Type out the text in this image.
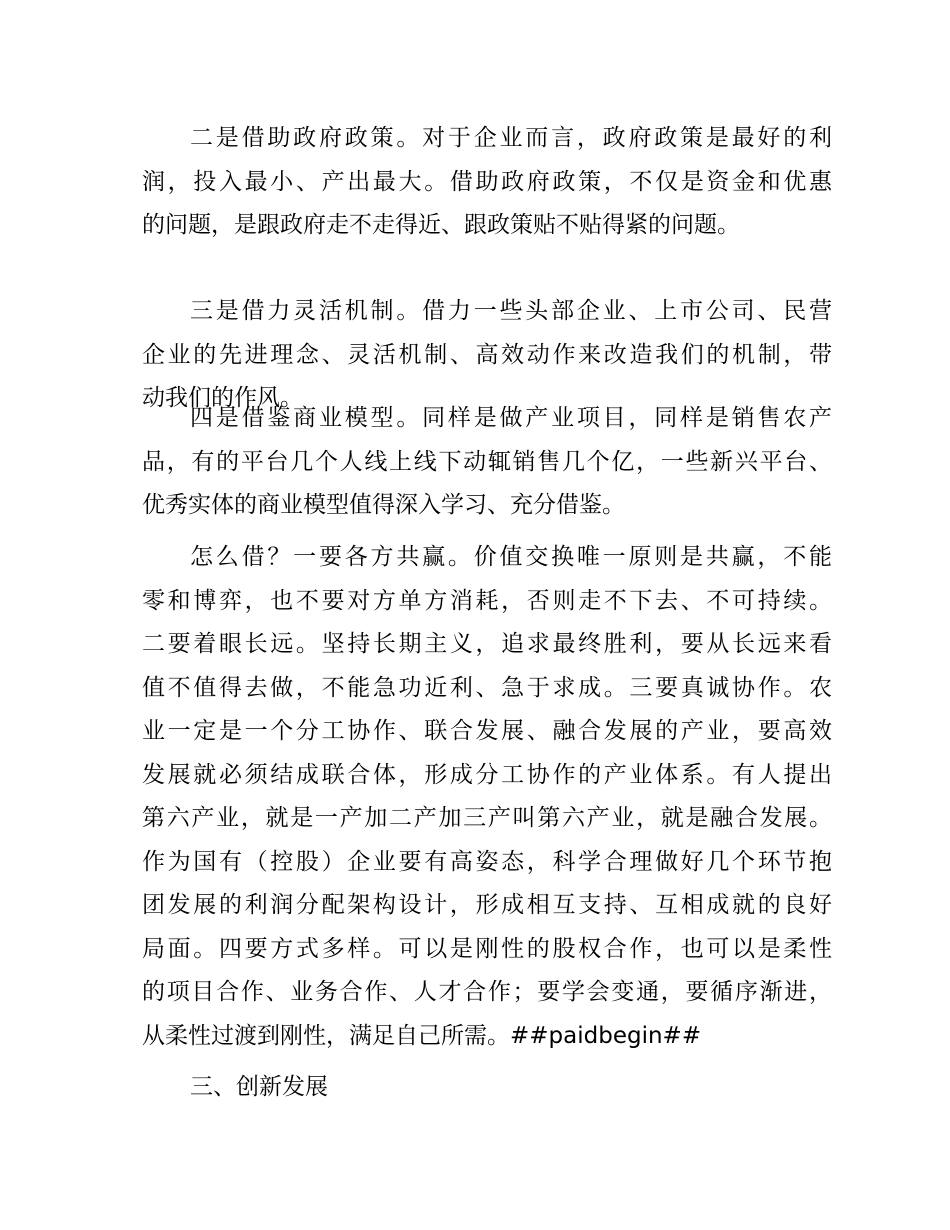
二是借助政府政策。对于企业而言，政府政策是最好的利
润，投入最小、产出最大。借助政府政策，不仅是资金和优惠
的问题，是跟政府走不走得近、跟政策贴不贴得紧的问题。
三是借力灵活机制。借力一些头部企业、上市公司、民营
企业的先进理念、灵活机制、高效动作来改造我们的机制，带
动我们的作风。
四是借鉴商业模型。同样是做产业项目，同样是销售农产
品，有的平台几个人线上线下动辄销售几个亿，一些新兴平台、
优秀实体的商业模型值得深入学习、充分借鉴。
怎么借？一要各方共赢。价值交换唯一原则是共赢，不能
零和博弈，也不要对方单方消耗，否则走不下去、不可持续。
二要着眼长远。坚持长期主义，追求最终胜利，要从长远来看
值不值得去做，不能急功近利、急于求成。三要真诚协作。农
业一定是一个分工协作、联合发展、融合发展的产业，要高效
发展就必须结成联合体，形成分工协作的产业体系。有人提出
第六产业，就是一产加二产加三产叫第六产业，就是融合发展。
作为国有（控股）企业要有高姿态，科学合理做好几个环节抱
团发展的利润分配架构设计，形成相互支持、互相成就的良好
局面。四要方式多样。可以是刚性的股权合作，也可以是柔性
的项目合作、业务合作、人才合作；要学会变通，要循序渐进，
从柔性过渡到刚性，满足自己所需。##paidbegin##
三、创新发展
